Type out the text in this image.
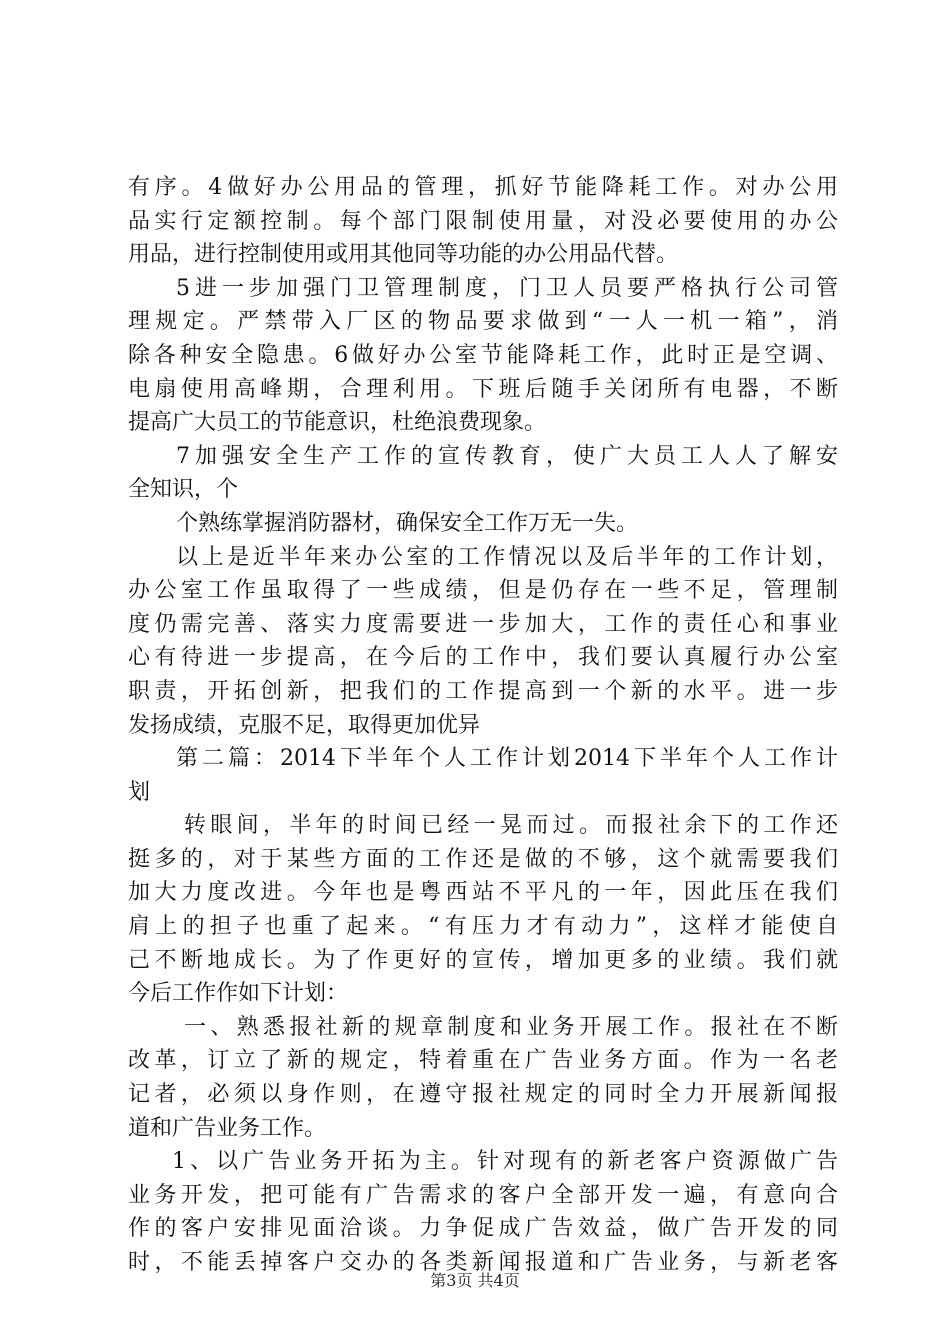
有序。4做好办公用品的管理，抓好节能降耗工作。对办公用
品实行定额控制。每个部门限制使用量，对没必要使用的办公
用品，进行控制使用或用其他同等功能的办公用品代替。
5进一步加强门卫管理制度，门卫人员要严格执行公司管
理规定。严禁带入厂区的物品要求做到“一人一机一箱”，消
除各种安全隐患。6做好办公室节能降耗工作，此时正是空调、
电扇使用高峰期，合理利用。下班后随手关闭所有电器，不断
提高广大员工的节能意识，杜绝浪费现象。
7加强安全生产工作的宣传教育，使广大员工人人了解安
全知识，个
个熟练掌握消防器材，确保安全工作万无一失。
以上是近半年来办公室的工作情况以及后半年的工作计划，
办公室工作虽取得了一些成绩，但是仍存在一些不足，管理制
度仍需完善、落实力度需要进一步加大，工作的责任心和事业
心有待进一步提高，在今后的工作中，我们要认真履行办公室
职责，开拓创新，把我们的工作提高到一个新的水平。进一步
发扬成绩，克服不足，取得更加优异
第二篇：2014下半年个人工作计划2014下半年个人工作计
划
转眼间，半年的时间已经一晃而过。而报社余下的工作还
挺多的，对于某些方面的工作还是做的不够，这个就需要我们
加大力度改进。今年也是粤西站不平凡的一年，因此压在我们
肩上的担子也重了起来。“有压力才有动力”，这样才能使自
己不断地成长。为了作更好的宣传，增加更多的业绩。我们就
今后工作作如下计划：
一、熟悉报社新的规章制度和业务开展工作。报社在不断
改革，订立了新的规定，特着重在广告业务方面。作为一名老
记者，必须以身作则，在遵守报社规定的同时全力开展新闻报
道和广告业务工作。
1、以广告业务开拓为主。针对现有的新老客户资源做广告
业务开发，把可能有广告需求的客户全部开发一遍，有意向合
作的客户安排见面洽谈。力争促成广告效益，做广告开发的同
时，不能丢掉客户交办的各类新闻报道和广告业务，与新老客
第3页 共4页
